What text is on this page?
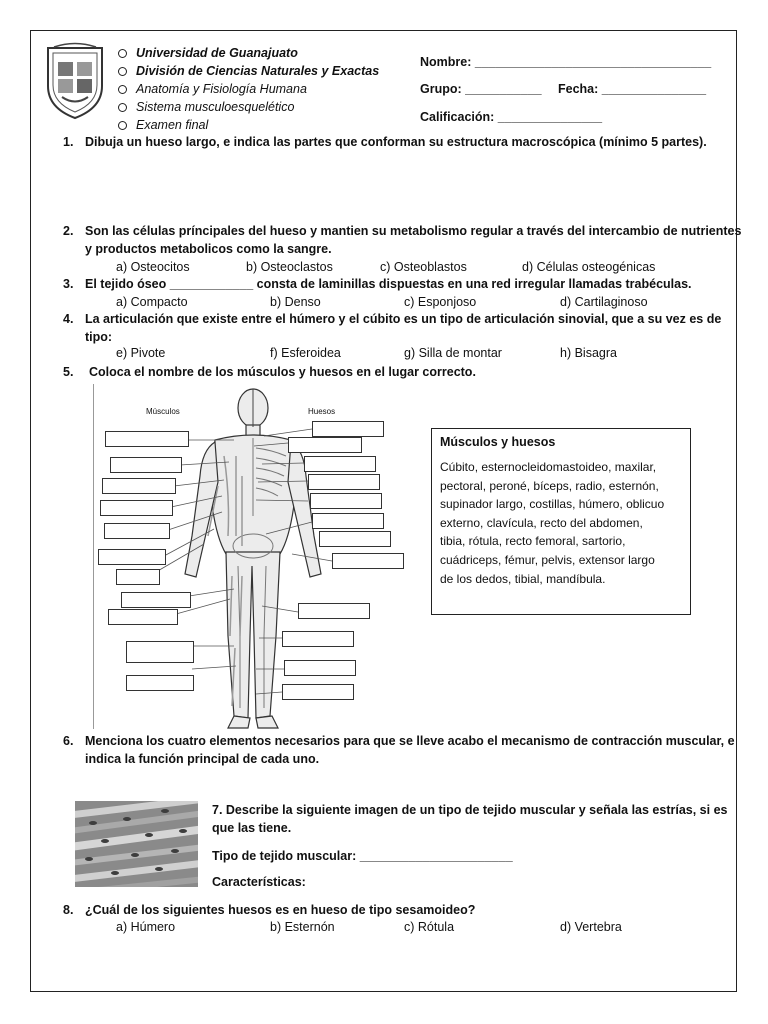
Universidad de Guanajuato
División de Ciencias Naturales y Exactas
Anatomía y Fisiología Humana
Sistema musculoesquelético
Examen final
Nombre: __________________________________
Grupo: ___________ Fecha: _______________
Calificación: _______________
1. Dibuja un hueso largo, e indica las partes que conforman su estructura macroscópica (mínimo 5 partes).
2. Son las células príncipales del hueso y mantien su metabolismo regular a través del intercambio de nutrientes
y productos metabolicos como la sangre.
a) Osteocitos	b) Osteoclastos	c) Osteoblastos	d) Células osteogénicas
3. El tejido óseo ____________ consta de laminillas dispuestas en una red irregular llamadas trabéculas.
a) Compacto	b) Denso	c) Esponjoso	d) Cartilaginoso
4. La articulación que existe entre el húmero y el cúbito es un tipo de articulación sinovial, que a su vez es de
tipo:
e) Pivote	f) Esferoidea	g) Silla de montar	h) Bisagra
5. Coloca el nombre de los músculos y huesos en el lugar correcto.
Músculos	Huesos
Músculos y huesos
Cúbito, esternocleidomastoideo, maxilar,
pectoral, peroné, bíceps, radio, esternón,
supinador largo, costillas, húmero, oblicuo
externo, clavícula, recto del abdomen,
tibia, rótula, recto femoral, sartorio,
cuádriceps, fémur, pelvis, extensor largo
de los dedos, tibial, mandíbula.
6. Menciona los cuatro elementos necesarios para que se lleve acabo el mecanismo de contracción muscular, e
indica la función principal de cada uno.
7. Describe la siguiente imagen de un tipo de tejido muscular y señala las estrías, si es
que las tiene.
Tipo de tejido muscular: ______________________
Características:
8. ¿Cuál de los siguientes huesos es en hueso de tipo sesamoideo?
a) Húmero	b) Esternón	c) Rótula	d) Vertebra
